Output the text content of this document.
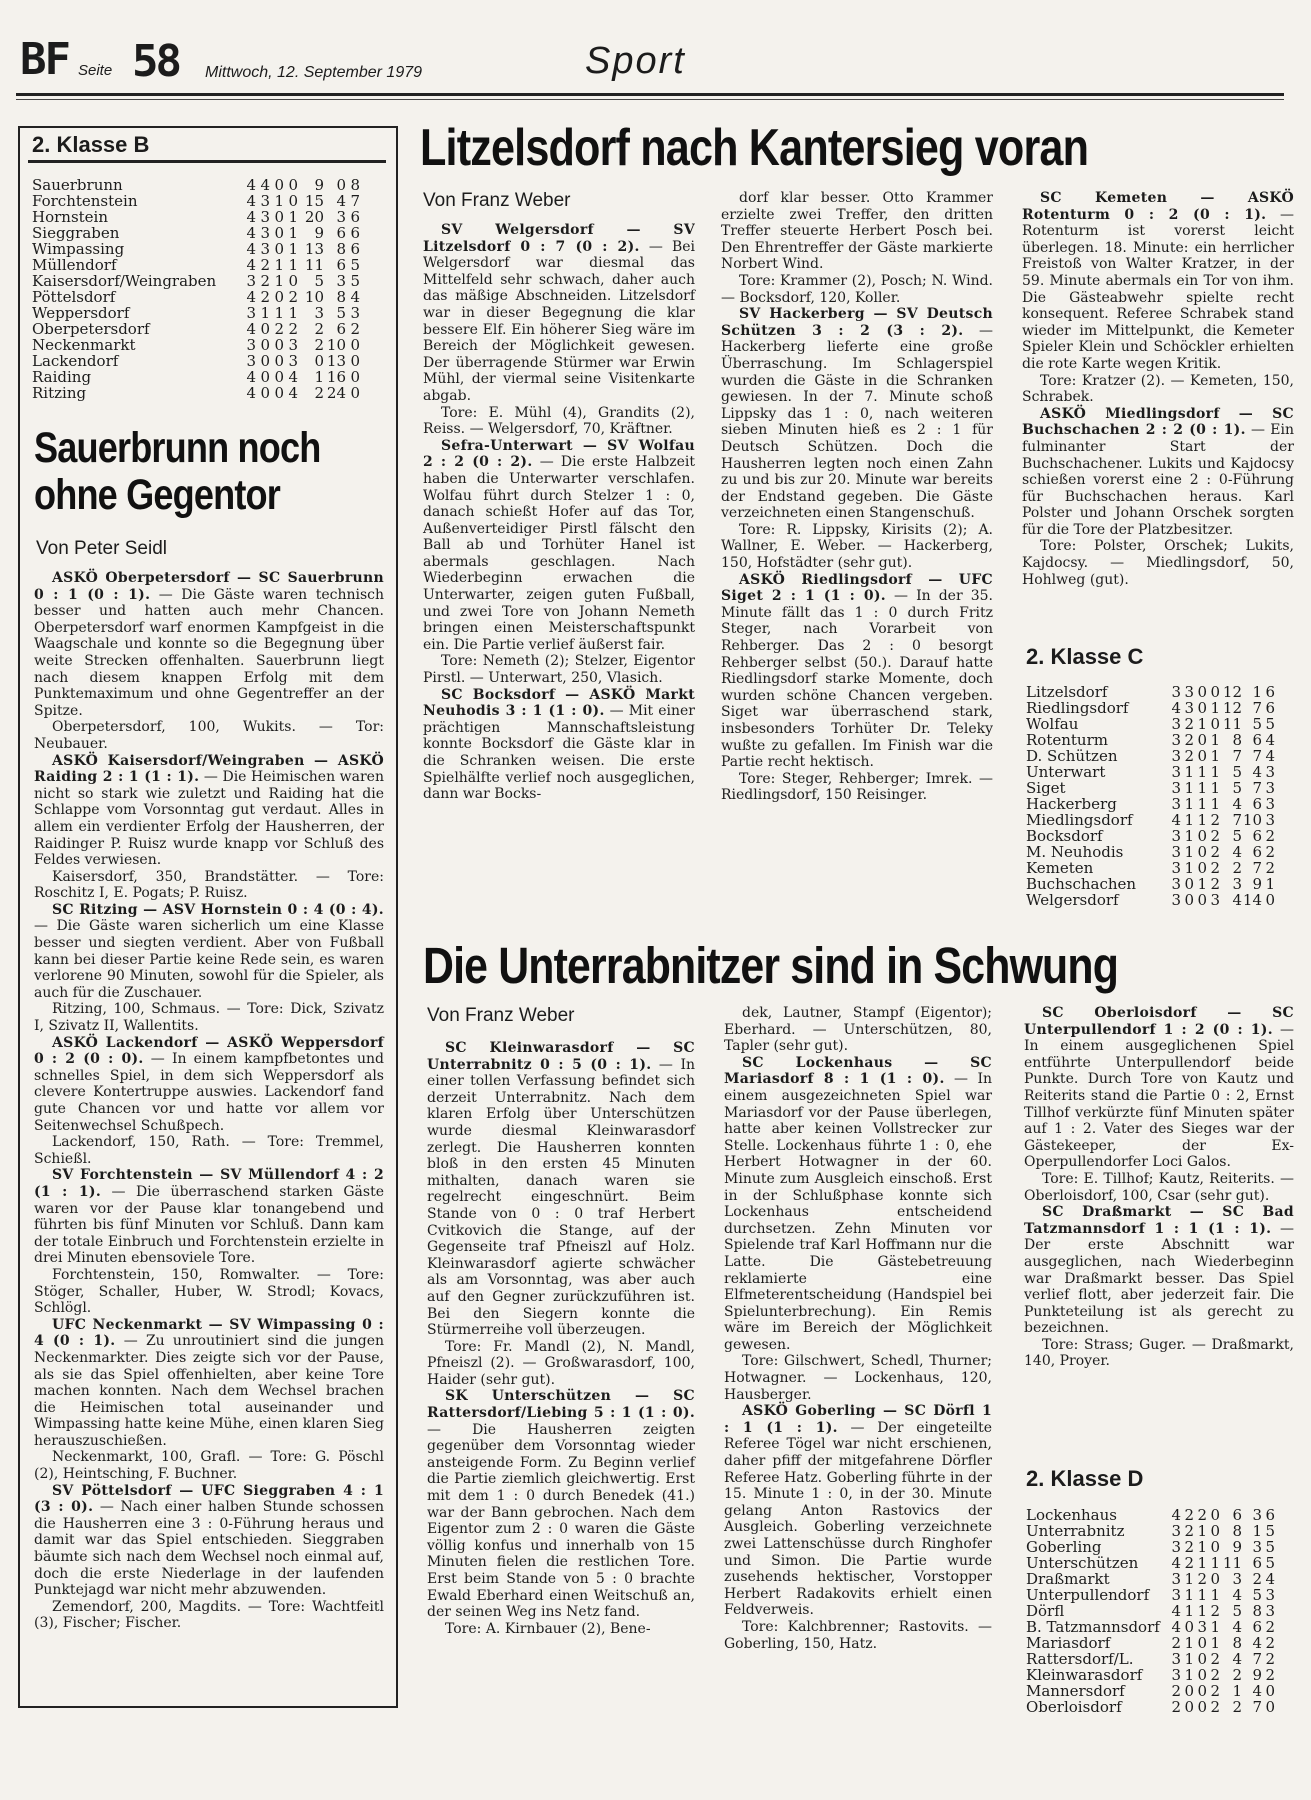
BF Seite 58 Mittwoch, 12. September 1979	Sport
2. Klasse B
Sauerbrunn	4 4 0 0	9 0 8
Forchtenstein	4 3 1 0 15 4 7
Hornstein	4 3 0 1 20 3 6
Sieggraben	4 3 0 1	9 6 6
Wimpassing	4 3 0 1 13 8 6
Müllendorf	4 2 1 1 11 6 5
Kaisersdorf/Weingraben	3 2 1 0	5 3 5
Pöttelsdorf	4 2 0 2 10 8 4
Weppersdorf	3 1 1 1	3 5 3
Oberpetersdorf	4 0 2 2	2 6 2
Neckenmarkt	3 0 0 3	2 10 0
Lackendorf	3 0 0 3	0 13 0
Raiding	4 0 0 4	1 16 0
Ritzing	4 0 0 4	2 24 0
Sauerbrunn noch
ohne Gegentor
Von Peter Seidl

ASKÖ Oberpetersdorf — SC Sauerbrunn 0 : 1 (0 : 1). — Die Gäste waren technisch besser und hatten auch mehr Chancen. Oberpetersdorf warf enormen Kampfgeist in die Waagschale und konnte so die Begegnung über weite Strecken offenhalten. Sauerbrunn liegt nach diesem knappen Erfolg mit dem Punktemaximum und ohne Gegentreffer an der Spitze.

Oberpetersdorf, 100, Wukits. — Tor: Neubauer.

ASKÖ Kaisersdorf/Weingraben — ASKÖ Raiding 2 : 1 (1 : 1). — Die Heimischen waren nicht so stark wie zuletzt und Raiding hat die Schlappe vom Vorsonntag gut verdaut. Alles in allem ein verdienter Erfolg der Hausherren, der Raidinger P. Ruisz wurde knapp vor Schluß des Feldes verwiesen.

Kaisersdorf, 350, Brandstätter. — Tore: Roschitz I, E. Pogats; P. Ruisz.

SC Ritzing — ASV Hornstein 0 : 4 (0 : 4). — Die Gäste waren sicherlich um eine Klasse besser und siegten verdient. Aber von Fußball kann bei dieser Partie keine Rede sein, es waren verlorene 90 Minuten, sowohl für die Spieler, als auch für die Zuschauer.

Ritzing, 100, Schmaus. — Tore: Dick, Szivatz I, Szivatz II, Wallentits.

ASKÖ Lackendorf — ASKÖ Weppersdorf 0 : 2 (0 : 0). — In einem kampfbetontes und schnelles Spiel, in dem sich Weppersdorf als clevere Kontertruppe auswies. Lackendorf fand gute Chancen vor und hatte vor allem vor Seitenwechsel Schußpech.

Lackendorf, 150, Rath. — Tore: Tremmel, Schießl.

SV Forchtenstein — SV Müllendorf 4 : 2 (1 : 1). — Die überraschend starken Gäste waren vor der Pause klar tonangebend und führten bis fünf Minuten vor Schluß. Dann kam der totale Einbruch und Forchtenstein erzielte in drei Minuten ebensoviele Tore.

Forchtenstein, 150, Romwalter. — Tore: Stöger, Schaller, Huber, W. Strodl; Kovacs, Schlögl.

UFC Neckenmarkt — SV Wimpassing 0 : 4 (0 : 1). — Zu unroutiniert sind die jungen Neckenmarkter. Dies zeigte sich vor der Pause, als sie das Spiel offenhielten, aber keine Tore machen konnten. Nach dem Wechsel brachen die Heimischen total auseinander und Wimpassing hatte keine Mühe, einen klaren Sieg herauszuschießen.

Neckenmarkt, 100, Grafl. — Tore: G. Pöschl (2), Heintsching, F. Buchner.

SV Pöttelsdorf — UFC Sieggraben 4 : 1 (3 : 0). — Nach einer halben Stunde schossen die Hausherren eine 3 : 0-Führung heraus und damit war das Spiel entschieden. Sieggraben bäumte sich nach dem Wechsel noch einmal auf, doch die erste Niederlage in der laufenden Punktejagd war nicht mehr abzuwenden.

Zemendorf, 200, Magdits. — Tore: Wachtfeitl (3), Fischer; Fischer.

Litzelsdorf nach Kantersieg voran
Von Franz Weber

SV Welgersdorf — SV Litzelsdorf 0 : 7 (0 : 2). — Bei Welgersdorf war diesmal das Mittelfeld sehr schwach, daher auch das mäßige Abschneiden. Litzelsdorf war in dieser Begegnung die klar bessere Elf. Ein höherer Sieg wäre im Bereich der Möglichkeit gewesen. Der überragende Stürmer war Erwin Mühl, der viermal seine Visitenkarte abgab.

Tore: E. Mühl (4), Grandits (2), Reiss. — Welgersdorf, 70, Kräftner.

Sefra-Unterwart — SV Wolfau 2 : 2 (0 : 2). — Die erste Halbzeit haben die Unterwarter verschlafen. Wolfau führt durch Stelzer 1 : 0, danach schießt Hofer auf das Tor, Außenverteidiger Pirstl fälscht den Ball ab und Torhüter Hanel ist abermals geschlagen. Nach Wiederbeginn erwachen die Unterwarter, zeigen guten Fußball, und zwei Tore von Johann Nemeth bringen einen Meisterschaftspunkt ein. Die Partie verlief äußerst fair.

Tore: Nemeth (2); Stelzer, Eigentor Pirstl. — Unterwart, 250, Vlasich.

SC Bocksdorf — ASKÖ Markt Neuhodis 3 : 1 (1 : 0). — Mit einer prächtigen Mannschaftsleistung konnte Bocksdorf die Gäste klar in die Schranken weisen. Die erste Spielhälfte verlief noch ausgeglichen, dann war Bocks-

dorf klar besser. Otto Krammer erzielte zwei Treffer, den dritten Treffer steuerte Herbert Posch bei. Den Ehrentreffer der Gäste markierte Norbert Wind.

Tore: Krammer (2), Posch; N. Wind. — Bocksdorf, 120, Koller.

SV Hackerberg — SV Deutsch Schützen 3 : 2 (3 : 2). — Hackerberg lieferte eine große Überraschung. Im Schlagerspiel wurden die Gäste in die Schranken gewiesen. In der 7. Minute schoß Lippsky das 1 : 0, nach weiteren sieben Minuten hieß es 2 : 1 für Deutsch Schützen. Doch die Hausherren legten noch einen Zahn zu und bis zur 20. Minute war bereits der Endstand gegeben. Die Gäste verzeichneten einen Stangenschuß.

Tore: R. Lippsky, Kirisits (2); A. Wallner, E. Weber. — Hackerberg, 150, Hofstädter (sehr gut).

ASKÖ Riedlingsdorf — UFC Siget 2 : 1 (1 : 0). — In der 35. Minute fällt das 1 : 0 durch Fritz Steger, nach Vorarbeit von Rehberger. Das 2 : 0 besorgt Rehberger selbst (50.). Darauf hatte Riedlingsdorf starke Momente, doch wurden schöne Chancen vergeben. Siget war überraschend stark, insbesonders Torhüter Dr. Teleky wußte zu gefallen. Im Finish war die Partie recht hektisch.

Tore: Steger, Rehberger; Imrek. — Riedlingsdorf, 150 Reisinger.

SC Kemeten — ASKÖ Rotenturm 0 : 2 (0 : 1). — Rotenturm ist vorerst leicht überlegen. 18. Minute: ein herrlicher Freistoß von Walter Kratzer, in der 59. Minute abermals ein Tor von ihm. Die Gästeabwehr spielte recht konsequent. Referee Schrabek stand wieder im Mittelpunkt, die Kemeter Spieler Klein und Schöckler erhielten die rote Karte wegen Kritik.

Tore: Kratzer (2). — Kemeten, 150, Schrabek.

ASKÖ Miedlingsdorf — SC Buchschachen 2 : 2 (0 : 1). — Ein fulminanter Start der Buchschachener. Lukits und Kajdocsy schießen vorerst eine 2 : 0-Führung für Buchschachen heraus. Karl Polster und Johann Orschek sorgten für die Tore der Platzbesitzer.

Tore: Polster, Orschek; Lukits, Kajdocsy. — Miedlingsdorf, 50, Hohlweg (gut).

2. Klasse C
Litzelsdorf	3 3 0 0 12 1 6
Riedlingsdorf	4 3 0 1 12 7 6
Wolfau	3 2 1 0 11 5 5
Rotenturm	3 2 0 1 8 6 4
D. Schützen	3 2 0 1 7 7 4
Unterwart	3 1 1 1 5 4 3
Siget	3 1 1 1 5 7 3
Hackerberg	3 1 1 1 4 6 3
Miedlingsdorf	4 1 1 2 7 10 3
Bocksdorf	3 1 0 2 5 6 2
M. Neuhodis	3 1 0 2 4 6 2
Kemeten	3 1 0 2 2 7 2
Buchschachen	3 0 1 2 3 9 1
Welgersdorf	3 0 0 3 4 14 0
Die Unterrabnitzer sind in Schwung
Von Franz Weber

SC Kleinwarasdorf — SC Unterrabnitz 0 : 5 (0 : 1). — In einer tollen Verfassung befindet sich derzeit Unterrabnitz. Nach dem klaren Erfolg über Unterschützen wurde diesmal Kleinwarasdorf zerlegt. Die Hausherren konnten bloß in den ersten 45 Minuten mithalten, danach waren sie regelrecht eingeschnürt. Beim Stande von 0 : 0 traf Herbert Cvitkovich die Stange, auf der Gegenseite traf Pfneiszl auf Holz. Kleinwarasdorf agierte schwächer als am Vorsonntag, was aber auch auf den Gegner zurückzuführen ist. Bei den Siegern konnte die Stürmerreihe voll überzeugen.

Tore: Fr. Mandl (2), N. Mandl, Pfneiszl (2). — Großwarasdorf, 100, Haider (sehr gut).

SK Unterschützen — SC Rattersdorf/Liebing 5 : 1 (1 : 0). — Die Hausherren zeigten gegenüber dem Vorsonntag wieder ansteigende Form. Zu Beginn verlief die Partie ziemlich gleichwertig. Erst mit dem 1 : 0 durch Benedek (41.) war der Bann gebrochen. Nach dem Eigentor zum 2 : 0 waren die Gäste völlig konfus und innerhalb von 15 Minuten fielen die restlichen Tore. Erst beim Stande von 5 : 0 brachte Ewald Eberhard einen Weitschuß an, der seinen Weg ins Netz fand.

Tore: A. Kirnbauer (2), Bene-

dek, Lautner, Stampf (Eigentor); Eberhard. — Unterschützen, 80, Tapler (sehr gut).

SC Lockenhaus — SC Mariasdorf 8 : 1 (1 : 0). — In einem ausgezeichneten Spiel war Mariasdorf vor der Pause überlegen, hatte aber keinen Vollstrecker zur Stelle. Lockenhaus führte 1 : 0, ehe Herbert Hotwagner in der 60. Minute zum Ausgleich einschoß. Erst in der Schlußphase konnte sich Lockenhaus entscheidend durchsetzen. Zehn Minuten vor Spielende traf Karl Hoffmann nur die Latte. Die Gästebetreuung reklamierte eine Elfmeterentscheidung (Handspiel bei Spielunterbrechung). Ein Remis wäre im Bereich der Möglichkeit gewesen.

Tore: Gilschwert, Schedl, Thurner; Hotwagner. — Lockenhaus, 120, Hausberger.

ASKÖ Goberling — SC Dörfl 1 : 1 (1 : 1). — Der eingeteilte Referee Tögel war nicht erschienen, daher pfiff der mitgefahrene Dörfler Referee Hatz. Goberling führte in der 15. Minute 1 : 0, in der 30. Minute gelang Anton Rastovics der Ausgleich. Goberling verzeichnete zwei Lattenschüsse durch Ringhofer und Simon. Die Partie wurde zusehends hektischer, Vorstopper Herbert Radakovits erhielt einen Feldverweis.

Tore: Kalchbrenner; Rastovits. — Goberling, 150, Hatz.

SC Oberloisdorf — SC Unterpullendorf 1 : 2 (0 : 1). — In einem ausgeglichenen Spiel entführte Unterpullendorf beide Punkte. Durch Tore von Kautz und Reiterits stand die Partie 0 : 2, Ernst Tillhof verkürzte fünf Minuten später auf 1 : 2. Vater des Sieges war der Gästekeeper, der Ex-Operpullendorfer Loci Galos.

Tore: E. Tillhof; Kautz, Reiterits. — Oberloisdorf, 100, Csar (sehr gut).

SC Draßmarkt — SC Bad Tatzmannsdorf 1 : 1 (1 : 1). — Der erste Abschnitt war ausgeglichen, nach Wiederbeginn war Draßmarkt besser. Das Spiel verlief flott, aber jederzeit fair. Die Punkteteilung ist als gerecht zu bezeichnen.

Tore: Strass; Guger. — Draßmarkt, 140, Proyer.

2. Klasse D
Lockenhaus	4 2 2 0 6 3 6
Unterrabnitz	3 2 1 0 8 1 5
Goberling	3 2 1 0 9 3 5
Unterschützen	4 2 1 1 11 6 5
Draßmarkt	3 1 2 0 3 2 4
Unterpullendorf	3 1 1 1 4 5 3
Dörfl	4 1 1 2 5 8 3
B. Tatzmannsdorf 4 0 3 1 4 6 2
Mariasdorf	2 1 0 1 8 4 2
Rattersdorf/L.	3 1 0 2 4 7 2
Kleinwarasdorf	3 1 0 2 2 9 2
Mannersdorf	2 0 0 2 1 4 0
Oberloisdorf	2 0 0 2 2 7 0
